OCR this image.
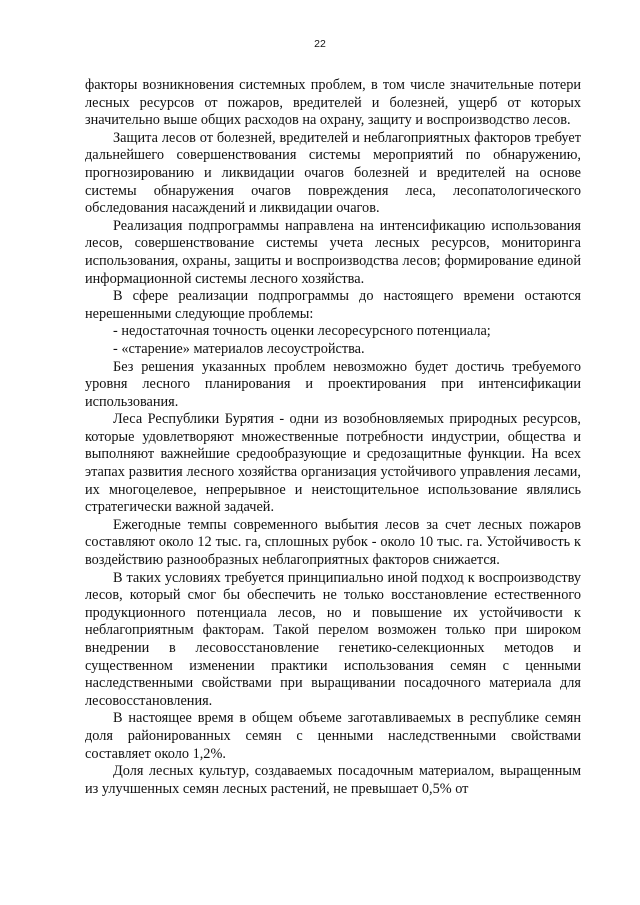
22

факторы возникновения системных проблем, в том числе значительные потери лесных ресурсов от пожаров, вредителей и болезней, ущерб от которых значительно выше общих расходов на охрану, защиту и воспроизводство лесов.

Защита лесов от болезней, вредителей и неблагоприятных факторов требует дальнейшего совершенствования системы мероприятий по обнаружению, прогнозированию и ликвидации очагов болезней и вредителей на основе системы обнаружения очагов повреждения леса, лесопатологического обследования насаждений и ликвидации очагов.

Реализация подпрограммы направлена на интенсификацию использования лесов, совершенствование системы учета лесных ресурсов, мониторинга использования, охраны, защиты и воспроизводства лесов; формирование единой информационной системы лесного хозяйства.

В сфере реализации подпрограммы до настоящего времени остаются нерешенными следующие проблемы:

- недостаточная точность оценки лесоресурсного потенциала;

- «старение» материалов лесоустройства.

Без решения указанных проблем невозможно будет достичь требуемого уровня лесного планирования и проектирования при интенсификации использования.

Леса Республики Бурятия - одни из возобновляемых природных ресурсов, которые удовлетворяют множественные потребности индустрии, общества и выполняют важнейшие средообразующие и средозащитные функции. На всех этапах развития лесного хозяйства организация устойчивого управления лесами, их многоцелевое, непрерывное и неистощительное использование являлись стратегически важной задачей.

Ежегодные темпы современного выбытия лесов за счет лесных пожаров составляют около 12 тыс. га, сплошных рубок - около 10 тыс. га. Устойчивость к воздействию разнообразных неблагоприятных факторов снижается.

В таких условиях требуется принципиально иной подход к воспроизводству лесов, который смог бы обеспечить не только восстановление естественного продукционного потенциала лесов, но и повышение их устойчивости к неблагоприятным факторам. Такой перелом возможен только при широком внедрении в лесовосстановление генетико-селекционных методов и существенном изменении практики использования семян с ценными наследственными свойствами при выращивании посадочного материала для лесовосстановления.

В настоящее время в общем объеме заготавливаемых в республике семян доля районированных семян с ценными наследственными свойствами составляет около 1,2%.

Доля лесных культур, создаваемых посадочным материалом, выращенным из улучшенных семян лесных растений, не превышает 0,5% от
